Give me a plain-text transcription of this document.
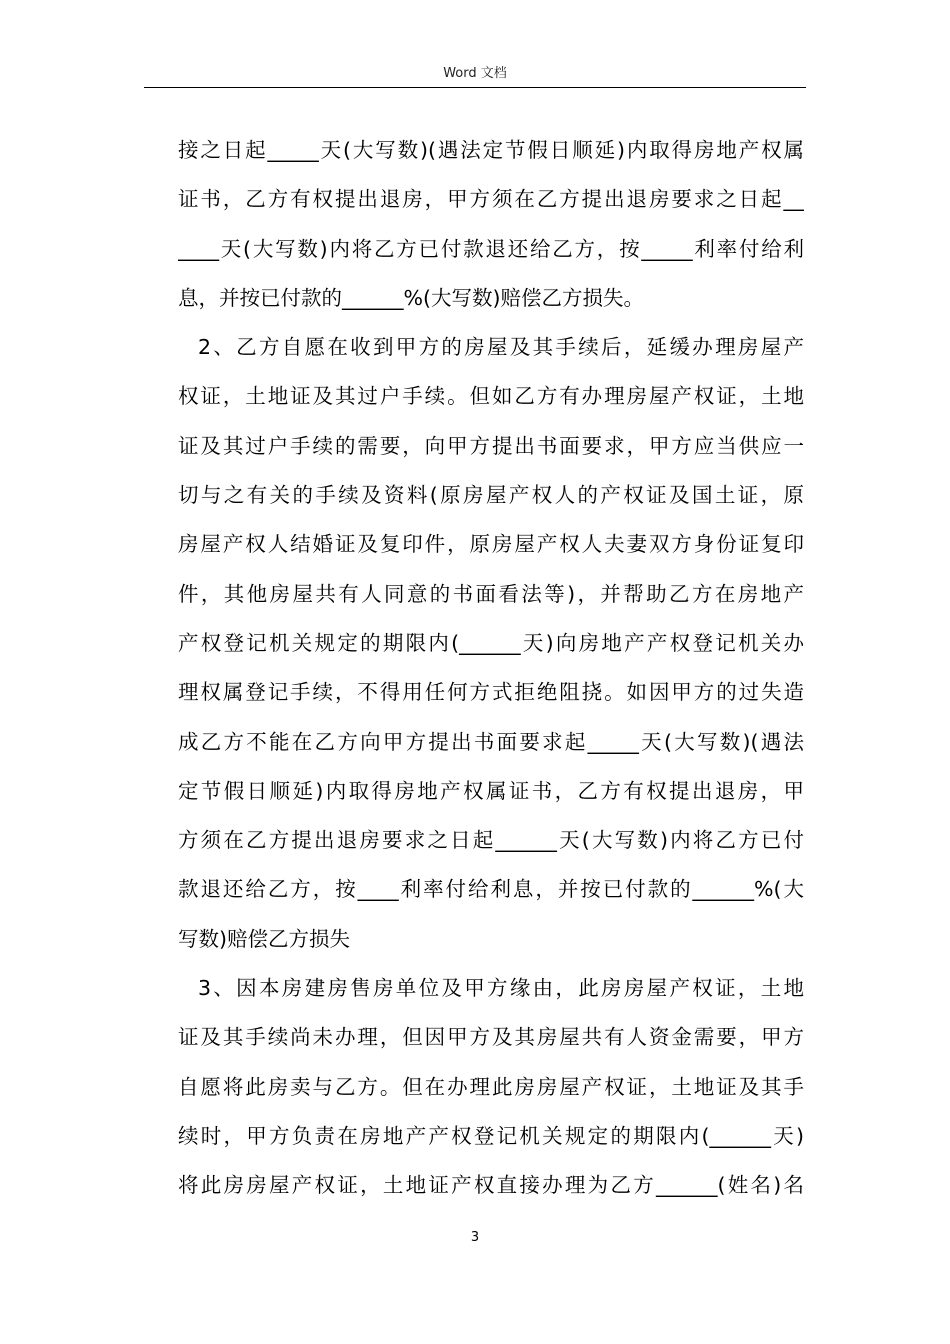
Word 文档
接之日起_____天(大写数)(遇法定节假日顺延)内取得房地产权属
证书，乙方有权提出退房，甲方须在乙方提出退房要求之日起__
____天(大写数)内将乙方已付款退还给乙方，按_____利率付给利
息，并按已付款的______%(大写数)赔偿乙方损失。
2、乙方自愿在收到甲方的房屋及其手续后，延缓办理房屋产
权证，土地证及其过户手续。但如乙方有办理房屋产权证，土地
证及其过户手续的需要，向甲方提出书面要求，甲方应当供应一
切与之有关的手续及资料(原房屋产权人的产权证及国土证，原
房屋产权人结婚证及复印件，原房屋产权人夫妻双方身份证复印
件，其他房屋共有人同意的书面看法等)，并帮助乙方在房地产
产权登记机关规定的期限内(______天)向房地产产权登记机关办
理权属登记手续，不得用任何方式拒绝阻挠。如因甲方的过失造
成乙方不能在乙方向甲方提出书面要求起_____天(大写数)(遇法
定节假日顺延)内取得房地产权属证书，乙方有权提出退房，甲
方须在乙方提出退房要求之日起______天(大写数)内将乙方已付
款退还给乙方，按____利率付给利息，并按已付款的______%(大
写数)赔偿乙方损失
3、因本房建房售房单位及甲方缘由，此房房屋产权证，土地
证及其手续尚未办理，但因甲方及其房屋共有人资金需要，甲方
自愿将此房卖与乙方。但在办理此房房屋产权证，土地证及其手
续时，甲方负责在房地产产权登记机关规定的期限内(______天)
将此房房屋产权证，土地证产权直接办理为乙方______(姓名)名
3
